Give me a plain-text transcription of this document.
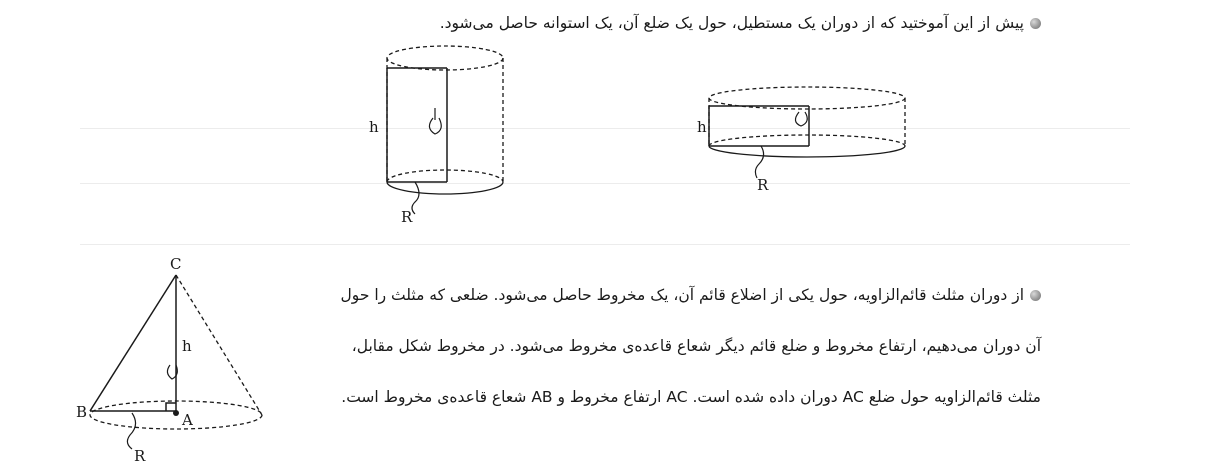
پیش از این آموختید که از دوران یک مستطیل، حول یک ضلع آن، یک استوانه حاصل می‌شود.
h
R
h
R
از دوران مثلث قائم‌الزاویه، حول یکی از اضلاع قائم آن، یک مخروط حاصل می‌شود. ضلعی که مثلث را حول
آن دوران می‌دهیم، ارتفاع مخروط و ضلع قائم دیگر شعاع قاعده‌ی مخروط می‌شود. در مخروط شکل مقابل،
مثلث قائم‌الزاویه حول ضلع AC دوران داده شده است. AC ارتفاع مخروط و AB شعاع قاعده‌ی مخروط است.
C
h
B	A
R
